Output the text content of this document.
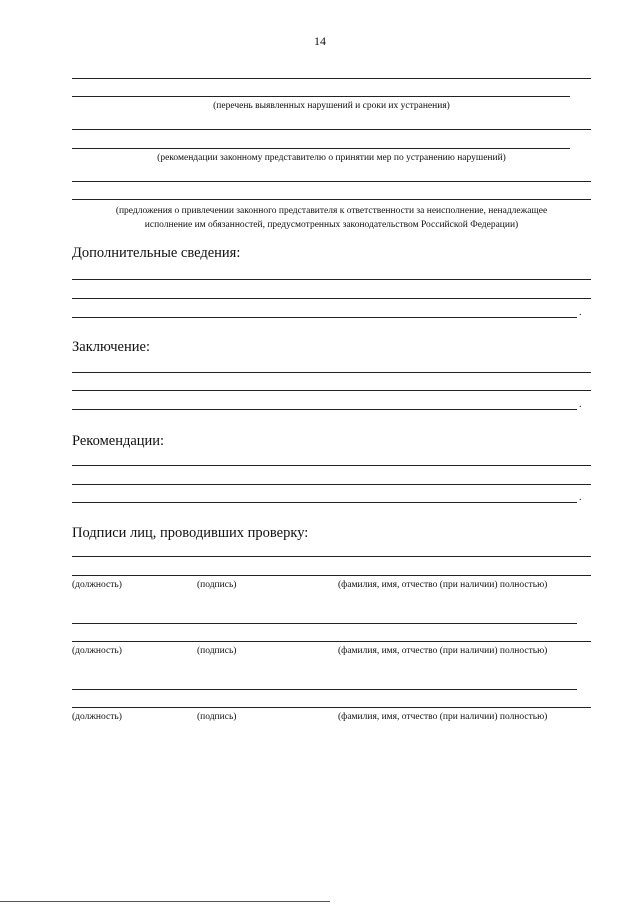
14
(перечень выявленных нарушений и сроки их устранения)
(рекомендации законному представителю о принятии мер по устранению нарушений)
(предложения о привлечении законного представителя к ответственности за неисполнение, ненадлежащее
исполнение им обязанностей, предусмотренных законодательством Российской Федерации)
Дополнительные сведения:
.
Заключение:
.
Рекомендации:
.
Подписи лиц, проводивших проверку:
(должность)	(подпись)	(фамилия, имя, отчество (при наличии) полностью)
(должность)	(подпись)	(фамилия, имя, отчество (при наличии) полностью)
(должность)	(подпись)	(фамилия, имя, отчество (при наличии) полностью)
